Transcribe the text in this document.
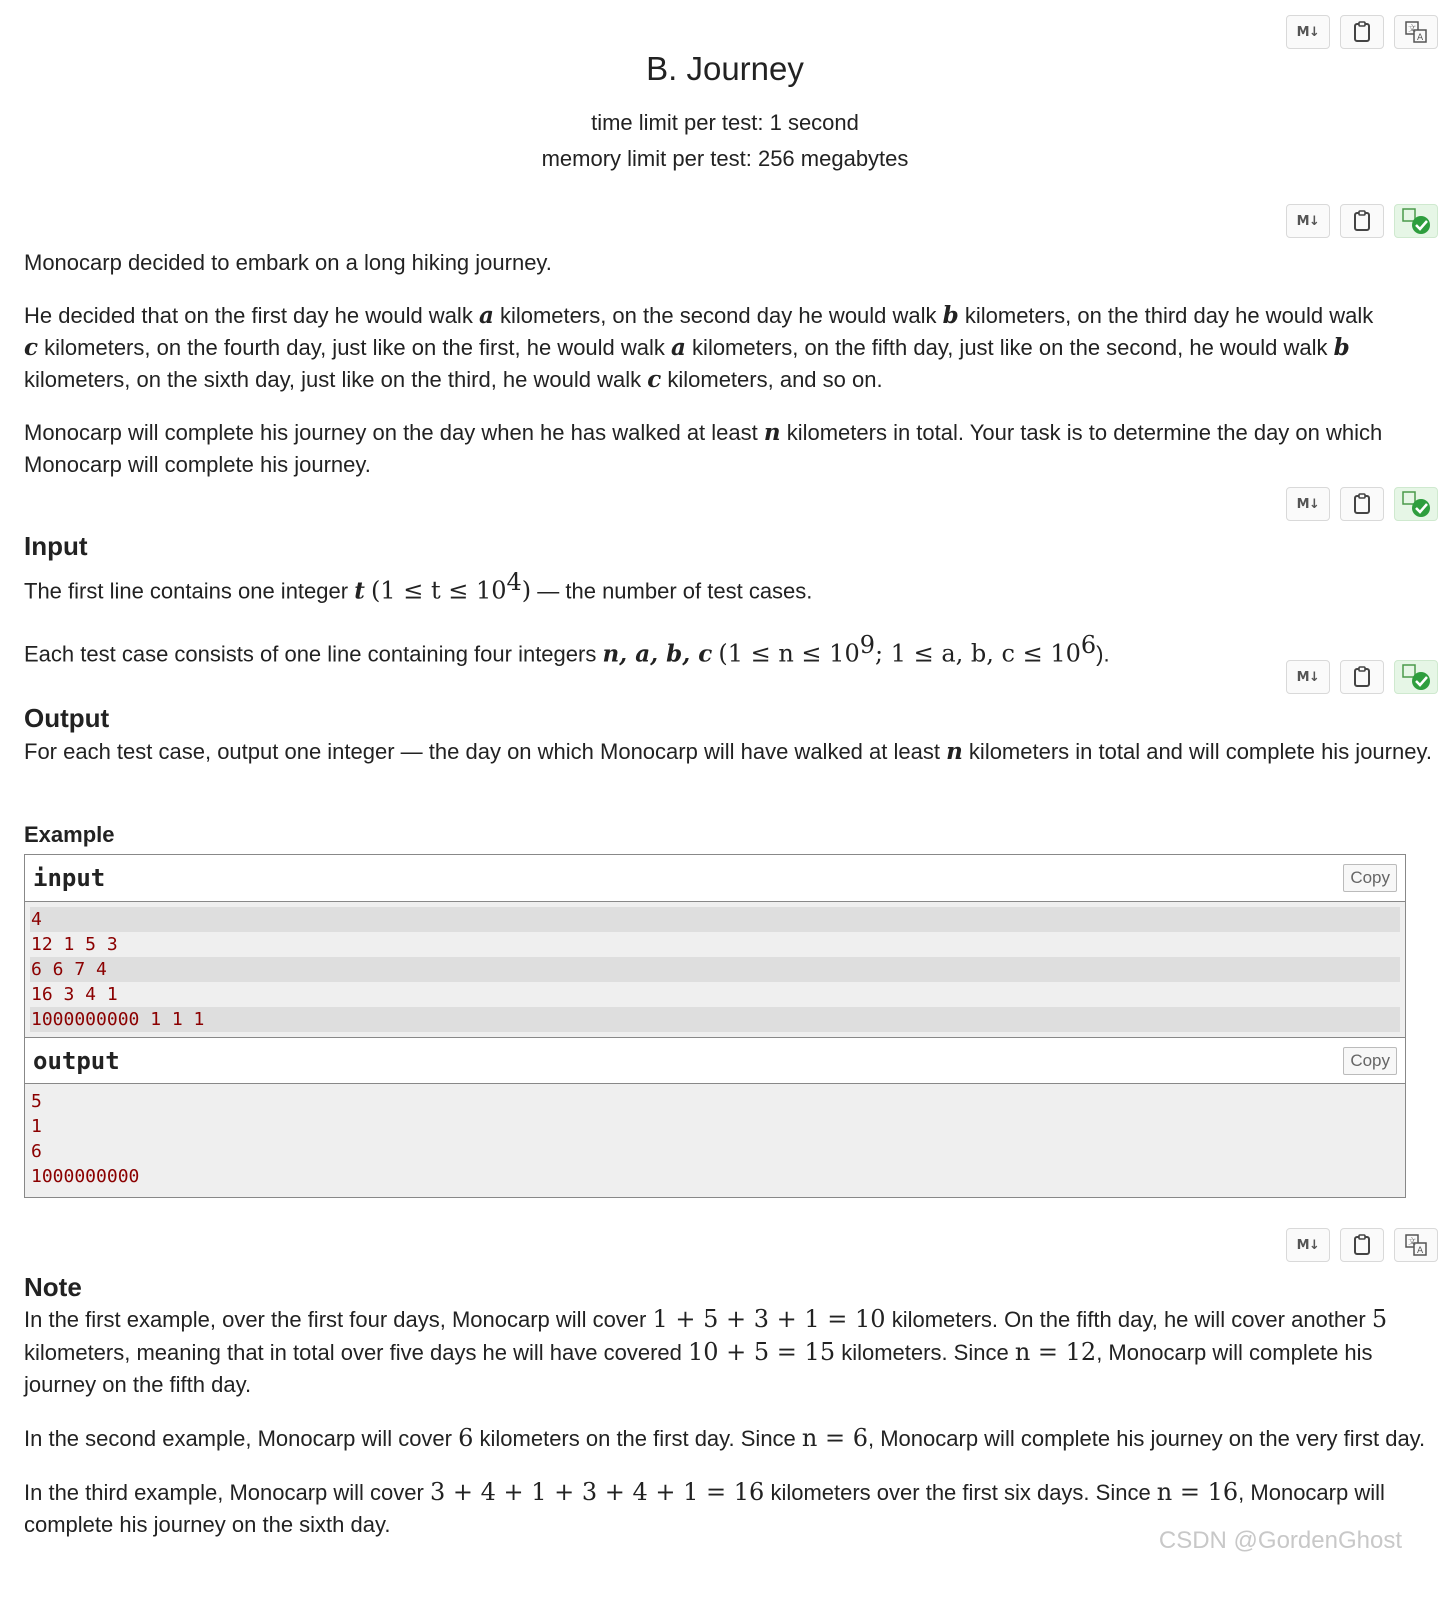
M↓	文
A
B. Journey
time limit per test: 1 second
memory limit per test: 256 megabytes
M↓

Monocarp decided to embark on a long hiking journey.

He decided that on the first day he would walk a kilometers, on the second day he would walk b kilometers, on the third day he would walk
c kilometers, on the fourth day, just like on the first, he would walk a kilometers, on the fifth day, just like on the second, he would walk b
kilometers, on the sixth day, just like on the third, he would walk c kilometers, and so on.

Monocarp will complete his journey on the day when he has walked at least n kilometers in total. Your task is to determine the day on which Monocarp will complete his journey.

M↓
Input

The first line contains one integer t $(1 \le t \le 10^4)$ — the number of test cases.

Each test case consists of one line containing four integers n, a, b, c ($1 \le n \le 10^9$; 1 ≤ a, b, $c \le 10^6$).

M↓
Output

For each test case, output one integer — the day on which Monocarp will have walked at least n kilometers in total and will complete his journey.

Example
input	Copy
4
12 1 5 3
6 6 7 4
16 3 4 1
1000000000 1 1 1
output	Copy
5
1
6
1000000000
M↓	文
A
Note

In the first example, over the first four days, Monocarp will cover 1 + 5 + 3 + 1 = 10 kilometers. On the fifth day, he will cover another 5 kilometers, meaning that in total over five days he will have covered 10 + 5 = 15 kilometers. Since n = 12, Monocarp will complete his journey on the fifth day.

In the second example, Monocarp will cover 6 kilometers on the first day. Since n = 6, Monocarp will complete his journey on the very first day.

In the third example, Monocarp will cover 3 + 4 + 1 + 3 + 4 + 1 = 16 kilometers over the first six days. Since n = 16, Monocarp will complete his journey on the sixth day.

CSDN @GordenGhost
